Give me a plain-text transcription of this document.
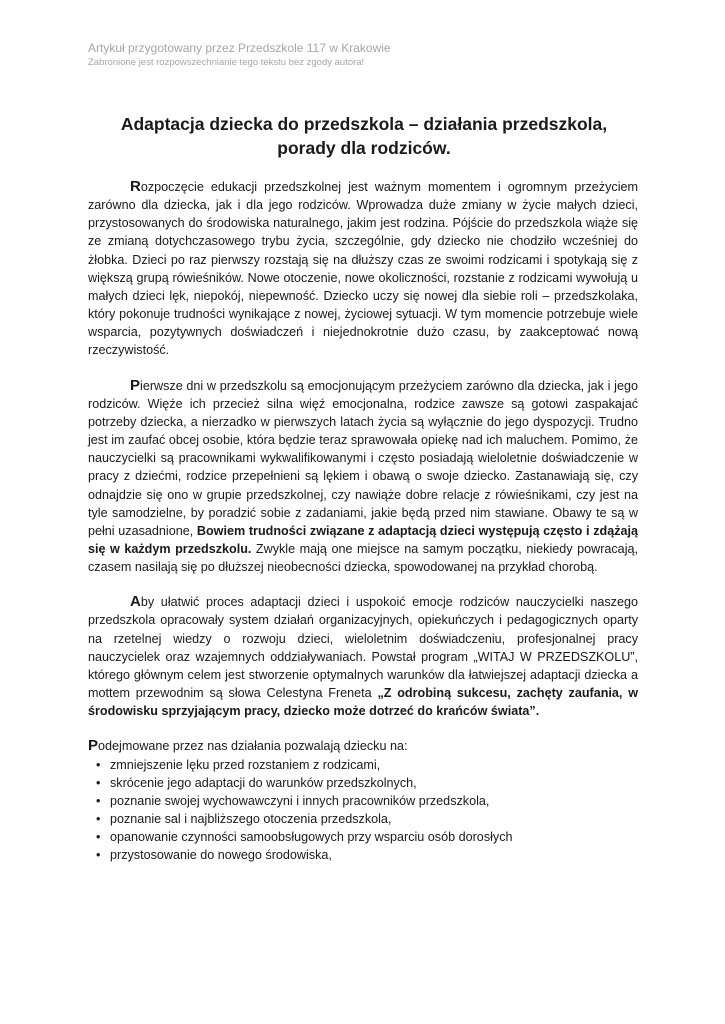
Artykuł przygotowany przez Przedszkole 117 w Krakowie
Zabronione jest rozpowszechnianie tego tekstu bez zgody autora!
Adaptacja dziecka do przedszkola – działania przedszkola,
porady dla rodziców.

Rozpoczęcie edukacji przedszkolnej jest ważnym momentem i ogromnym przeżyciem zarówno dla dziecka, jak i dla jego rodziców. Wprowadza duże zmiany w życie małych dzieci, przystosowanych do środowiska naturalnego, jakim jest rodzina. Pójście do przedszkola wiąże się ze zmianą dotychczasowego trybu życia, szczególnie, gdy dziecko nie chodziło wcześniej do żłobka. Dzieci po raz pierwszy rozstają się na dłuższy czas ze swoimi rodzicami i spotykają się z większą grupą rówieśników. Nowe otoczenie, nowe okoliczności, rozstanie z rodzicami wywołują u małych dzieci lęk, niepokój, niepewność. Dziecko uczy się nowej dla siebie roli – przedszkolaka, który pokonuje trudności wynikające z nowej, życiowej sytuacji. W tym momencie potrzebuje wiele wsparcia, pozytywnych doświadczeń i niejednokrotnie dużo czasu, by zaakceptować nową rzeczywistość.

Pierwsze dni w przedszkolu są emocjonującym przeżyciem zarówno dla dziecka, jak i jego rodziców. Więźe ich przecież silna więź emocjonalna, rodzice zawsze są gotowi zaspakajać potrzeby dziecka, a nierzadko w pierwszych latach życia są wyłącznie do jego dyspozycji. Trudno jest im zaufać obcej osobie, która będzie teraz sprawowała opiekę nad ich maluchem. Pomimo, że nauczycielki są pracownikami wykwalifikowanymi i często posiadają wieloletnie doświadczenie w pracy z dziećmi, rodzice przepełnieni są lękiem i obawą o swoje dziecko. Zastanawiają się, czy odnajdzie się ono w grupie przedszkolnej, czy nawiąże dobre relacje z rówieśnikami, czy jest na tyle samodzielne, by poradzić sobie z zadaniami, jakie będą przed nim stawiane. Obawy te są w pełni uzasadnione, Bowiem trudności związane z adaptacją dzieci występują często i zdążają się w każdym przedszkolu. Zwykle mają one miejsce na samym początku, niekiedy powracają, czasem nasilają się po dłuższej nieobecności dziecka, spowodowanej na przykład chorobą.

Aby ułatwić proces adaptacji dzieci i uspokoić emocje rodziców nauczycielki naszego przedszkola opracowały system działań organizacyjnych, opiekuńczych i pedagogicznych oparty na rzetelnej wiedzy o rozwoju dzieci, wieloletnim doświadczeniu, profesjonalnej pracy nauczycielek oraz wzajemnych oddziaływaniach. Powstał program „WITAJ W PRZEDSZKOLU”, którego głównym celem jest stworzenie optymalnych warunków dla łatwiejszej adaptacji dziecka a mottem przewodnim są słowa Celestyna Freneta „Z odrobiną sukcesu, zachęty zaufania, w środowisku sprzyjającym pracy, dziecko może dotrzeć do krańców świata”.

Podejmowane przez nas działania pozwalają dziecku na:

• zmniejszenie lęku przed rozstaniem z rodzicami,
• skrócenie jego adaptacji do warunków przedszkolnych,
• poznanie swojej wychowawczyni i innych pracowników przedszkola,
• poznanie sal i najbliższego otoczenia przedszkola,
• opanowanie czynności samoobsługowych przy wsparciu osób dorosłych
• przystosowanie do nowego środowiska,
